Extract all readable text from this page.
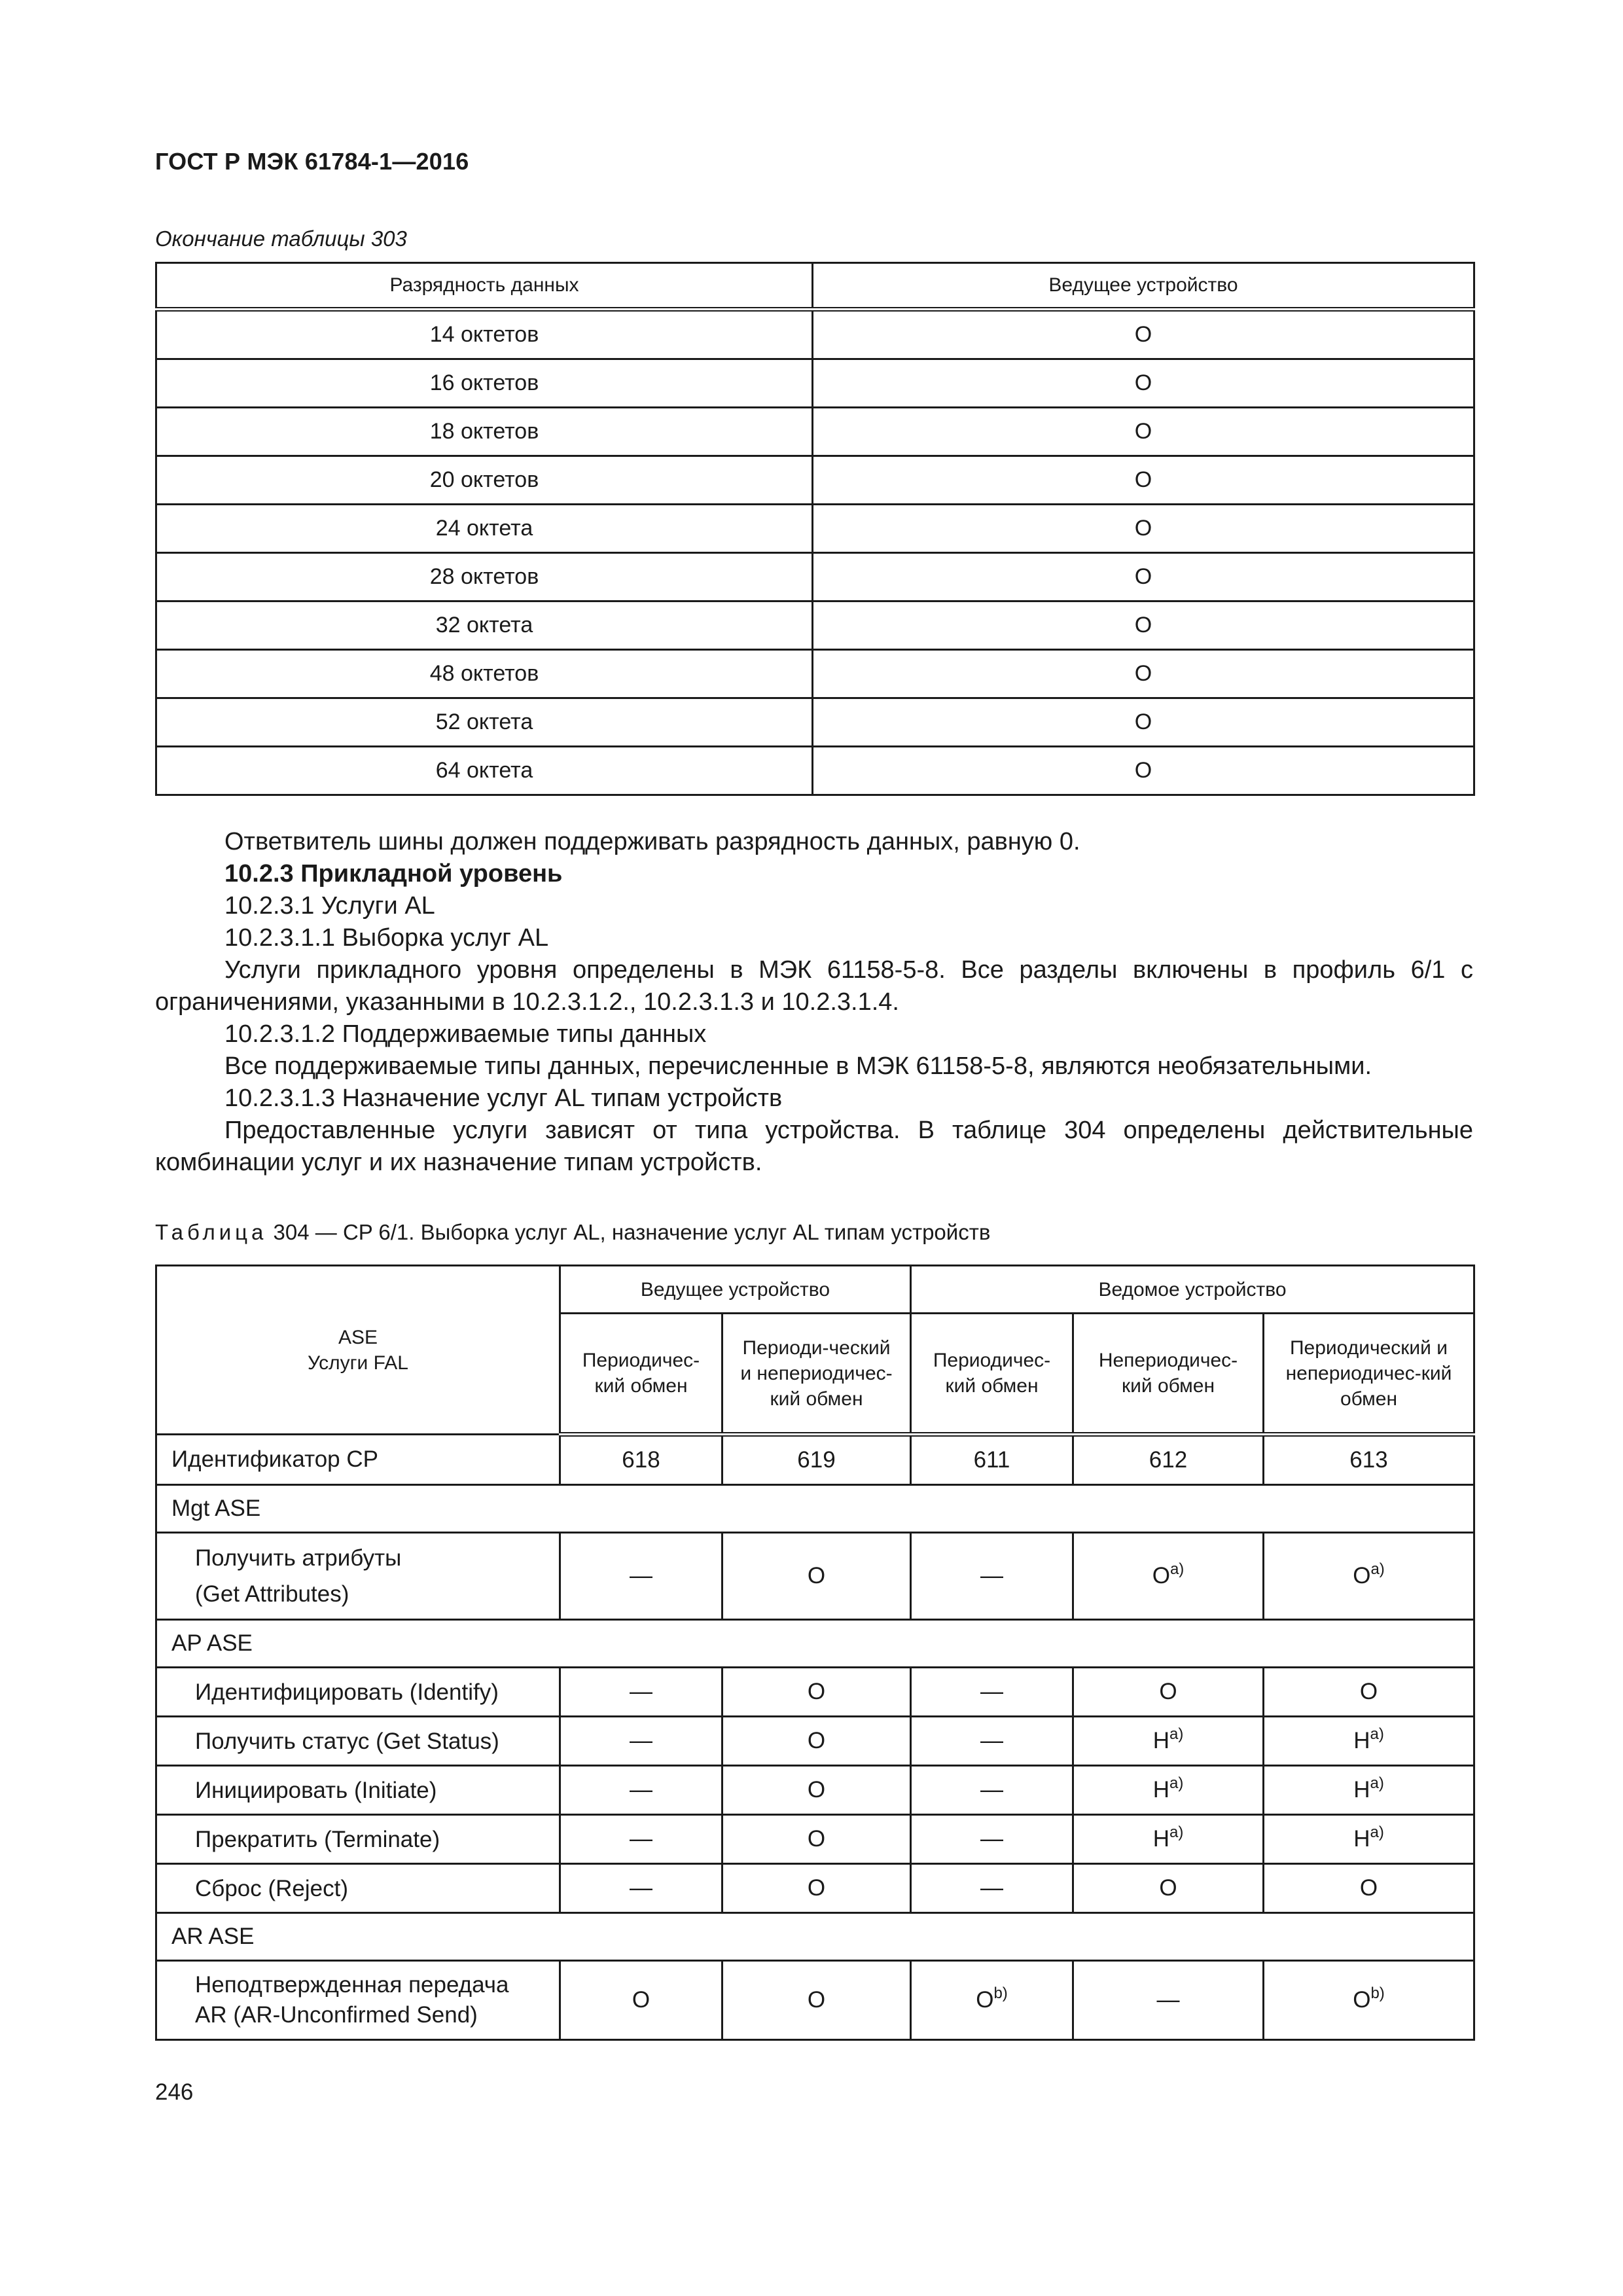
ГОСТ Р МЭК 61784-1—2016
Окончание таблицы 303
Разрядность данных	Ведущее устройство
14 октетов	O
16 октетов	O
18 октетов	O
20 октетов	O
24 октета	O
28 октетов	O
32 октета	O
48 октетов	O
52 октета	O
64 октета	O
Ответвитель шины должен поддерживать разрядность данных, равную 0.
10.2.3 Прикладной уровень
10.2.3.1 Услуги AL
10.2.3.1.1 Выборка услуг AL
Услуги прикладного уровня определены в МЭК 61158-5-8. Все разделы включены в профиль 6/1 с ограничениями, указанными в 10.2.3.1.2., 10.2.3.1.3 и 10.2.3.1.4.
10.2.3.1.2 Поддерживаемые типы данных
Все поддерживаемые типы данных, перечисленные в МЭК 61158-5-8, являются необязательными.
10.2.3.1.3 Назначение услуг AL типам устройств
Предоставленные услуги зависят от типа устройства. В таблице 304 определены действительные комбинации услуг и их назначение типам устройств.
Таблица 304 — CP 6/1. Выборка услуг AL, назначение услуг AL типам устройств
ASE
Услуги FAL	Ведущее устройство		Ведомое устройство		
	Периодичес-кий обмен	Периоди-ческий и непериодичес-кий обмен	Периодичес-кий обмен	Непериодичес-кий обмен	Периодический и непериодичес-кий обмен
Идентификатор CP	618	619	611	612	613
Mgt ASE					

Получить атрибуты
(Get Attributes)	—	O	—	$O^{a)}$	$O^{a)}$
AP ASE					
Идентифицировать (Identify)	—	O	—	O	O
Получить статус (Get Status)	—	O	—	$H^{a)}$	$H^{a)}$
Инициировать (Initiate)	—	O	—	$H^{a)}$	$H^{a)}$
Прекратить (Terminate)	—	O	—	$H^{a)}$	$H^{a)}$
Сброс (Reject)	—	O	—	O	O
AR ASE					

Неподтвержденная передача
AR (AR-Unconfirmed Send)	O	O	$O^{b)}$	—	$O^{b)}$
246
